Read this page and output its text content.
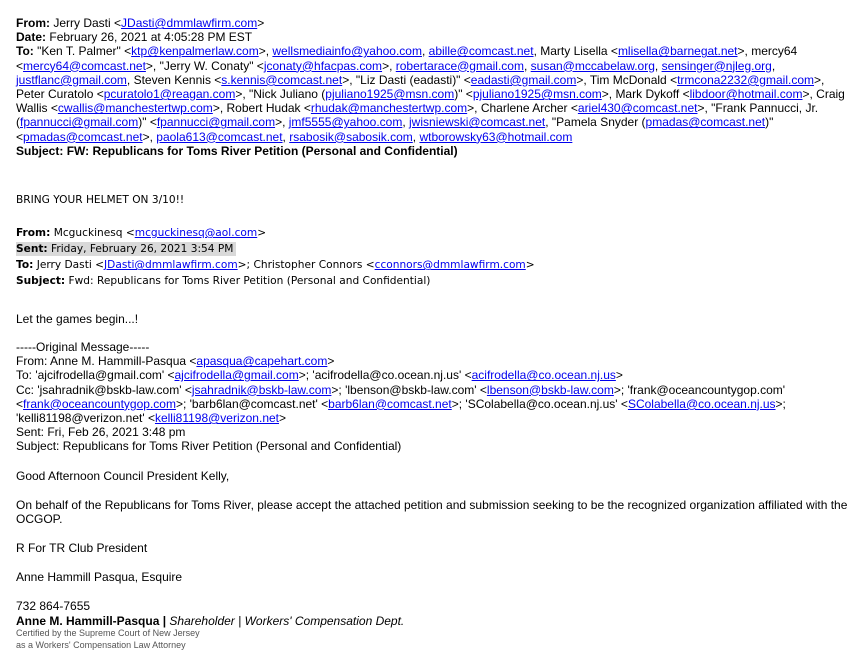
From: Jerry Dasti <JDasti@dmmlawfirm.com>
Date: February 26, 2021 at 4:05:28 PM EST
To: "Ken T. Palmer" <ktp@kenpalmerlaw.com>, wellsmediainfo@yahoo.com, abille@comcast.net, Marty Lisella <mlisella@barnegat.net>, mercy64 <mercy64@comcast.net>, "Jerry W. Conaty" <jconaty@hfacpas.com>, robertarace@gmail.com, susan@mccabelaw.org, sensinger@njleg.org, justflanc@gmail.com, Steven Kennis <s.kennis@comcast.net>, "Liz Dasti (eadasti)" <eadasti@gmail.com>, Tim McDonald <trmcona2232@gmail.com>, Peter Curatolo <pcuratolo1@reagan.com>, "Nick Juliano (pjuliano1925@msn.com)" <pjuliano1925@msn.com>, Mark Dykoff <libdoor@hotmail.com>, Craig Wallis <cwallis@manchestertwp.com>, Robert Hudak <rhudak@manchestertwp.com>, Charlene Archer <ariel430@comcast.net>, "Frank Pannucci, Jr. (fpannucci@gmail.com)" <fpannucci@gmail.com>, jmf5555@yahoo.com, jwisniewski@comcast.net, "Pamela Snyder (pmadas@comcast.net)" <pmadas@comcast.net>, paola613@comcast.net, rsabosik@sabosik.com, wtborowsky63@hotmail.com
Subject: FW: Republicans for Toms River Petition (Personal and Confidential)
BRING YOUR HELMET ON 3/10!!
From: Mcguckinesq <mcguckinesq@aol.com>
Sent: Friday, February 26, 2021 3:54 PM
To: Jerry Dasti <JDasti@dmmlawfirm.com>; Christopher Connors <cconnors@dmmlawfirm.com>
Subject: Fwd: Republicans for Toms River Petition (Personal and Confidential)
Let the games begin...!
-----Original Message-----
From: Anne M. Hammill-Pasqua <apasqua@capehart.com>
To: 'ajcifrodella@gmail.com' <ajcifrodella@gmail.com>; 'acifrodella@co.ocean.nj.us' <acifrodella@co.ocean.nj.us>
Cc: 'jsahradnik@bskb-law.com' <jsahradnik@bskb-law.com>; 'lbenson@bskb-law.com' <lbenson@bskb-law.com>; 'frank@oceancountygop.com'
<frank@oceancountygop.com>; 'barb6lan@comcast.net' <barb6lan@comcast.net>; 'SColabella@co.ocean.nj.us' <SColabella@co.ocean.nj.us>;
'kelli81198@verizon.net' <kelli81198@verizon.net>
Sent: Fri, Feb 26, 2021 3:48 pm
Subject: Republicans for Toms River Petition (Personal and Confidential)
Good Afternoon Council President Kelly,
On behalf of the Republicans for Toms River, please accept the attached petition and submission seeking to be the recognized organization affiliated with the OCGOP.
R For TR Club President
Anne Hammill Pasqua, Esquire
732 864-7655
Anne M. Hammill-Pasqua | Shareholder | Workers' Compensation Dept.
Certified by the Supreme Court of New Jersey
as a Workers' Compensation Law Attorney
